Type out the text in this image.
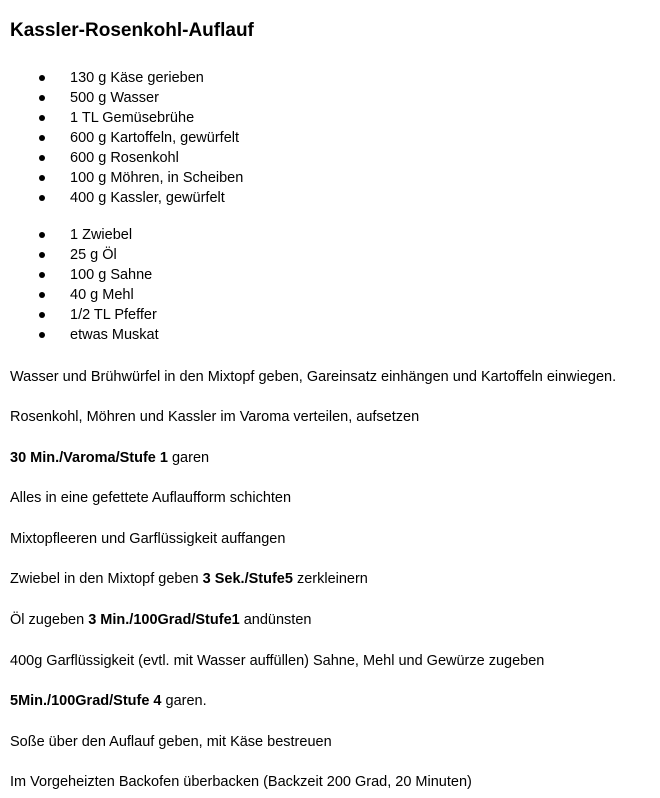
Kassler-Rosenkohl-Auflauf
130 g Käse gerieben
500 g Wasser
1 TL Gemüsebrühe
600 g Kartoffeln, gewürfelt
600 g Rosenkohl
100 g Möhren, in Scheiben
400 g Kassler, gewürfelt
1 Zwiebel
25 g Öl
100 g Sahne
40 g Mehl
1/2 TL Pfeffer
etwas Muskat

Wasser und Brühwürfel in den Mixtopf geben, Gareinsatz einhängen und Kartoffeln einwiegen.

Rosenkohl, Möhren und Kassler im Varoma verteilen, aufsetzen

30 Min./Varoma/Stufe 1 garen

Alles in eine gefettete Auflaufform schichten

Mixtopfleeren und Garflüssigkeit auffangen

Zwiebel in den Mixtopf geben 3 Sek./Stufe5 zerkleinern

Öl zugeben 3 Min./100Grad/Stufe1 andünsten

400g Garflüssigkeit (evtl. mit Wasser auffüllen) Sahne, Mehl und Gewürze zugeben

5Min./100Grad/Stufe 4 garen.

Soße über den Auflauf geben, mit Käse bestreuen

Im Vorgeheizten Backofen überbacken (Backzeit 200 Grad, 20 Minuten)
